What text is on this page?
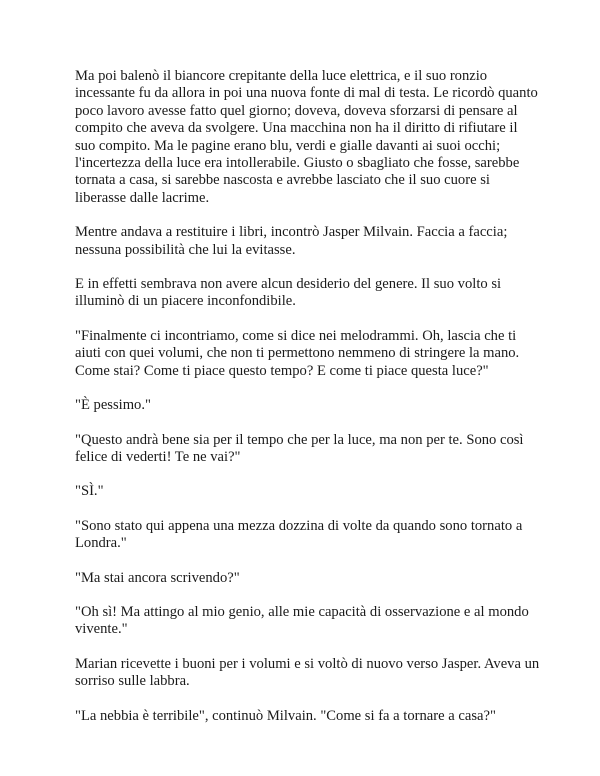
Ma poi balenò il biancore crepitante della luce elettrica, e il suo ronzio incessante fu da allora in poi una nuova fonte di mal di testa. Le ricordò quanto poco lavoro avesse fatto quel giorno; doveva, doveva sforzarsi di pensare al compito che aveva da svolgere. Una macchina non ha il diritto di rifiutare il suo compito. Ma le pagine erano blu, verdi e gialle davanti ai suoi occhi; l'incertezza della luce era intollerabile. Giusto o sbagliato che fosse, sarebbe tornata a casa, si sarebbe nascosta e avrebbe lasciato che il suo cuore si liberasse dalle lacrime.

Mentre andava a restituire i libri, incontrò Jasper Milvain. Faccia a faccia; nessuna possibilità che lui la evitasse.

E in effetti sembrava non avere alcun desiderio del genere. Il suo volto si illuminò di un piacere inconfondibile.

"Finalmente ci incontriamo, come si dice nei melodrammi. Oh, lascia che ti aiuti con quei volumi, che non ti permettono nemmeno di stringere la mano. Come stai? Come ti piace questo tempo? E come ti piace questa luce?"

"È pessimo."

"Questo andrà bene sia per il tempo che per la luce, ma non per te. Sono così felice di vederti! Te ne vai?"

"SÌ."

"Sono stato qui appena una mezza dozzina di volte da quando sono tornato a Londra."

"Ma stai ancora scrivendo?"

"Oh sì! Ma attingo al mio genio, alle mie capacità di osservazione e al mondo vivente."

Marian ricevette i buoni per i volumi e si voltò di nuovo verso Jasper. Aveva un sorriso sulle labbra.

"La nebbia è terribile", continuò Milvain. "Come si fa a tornare a casa?"
